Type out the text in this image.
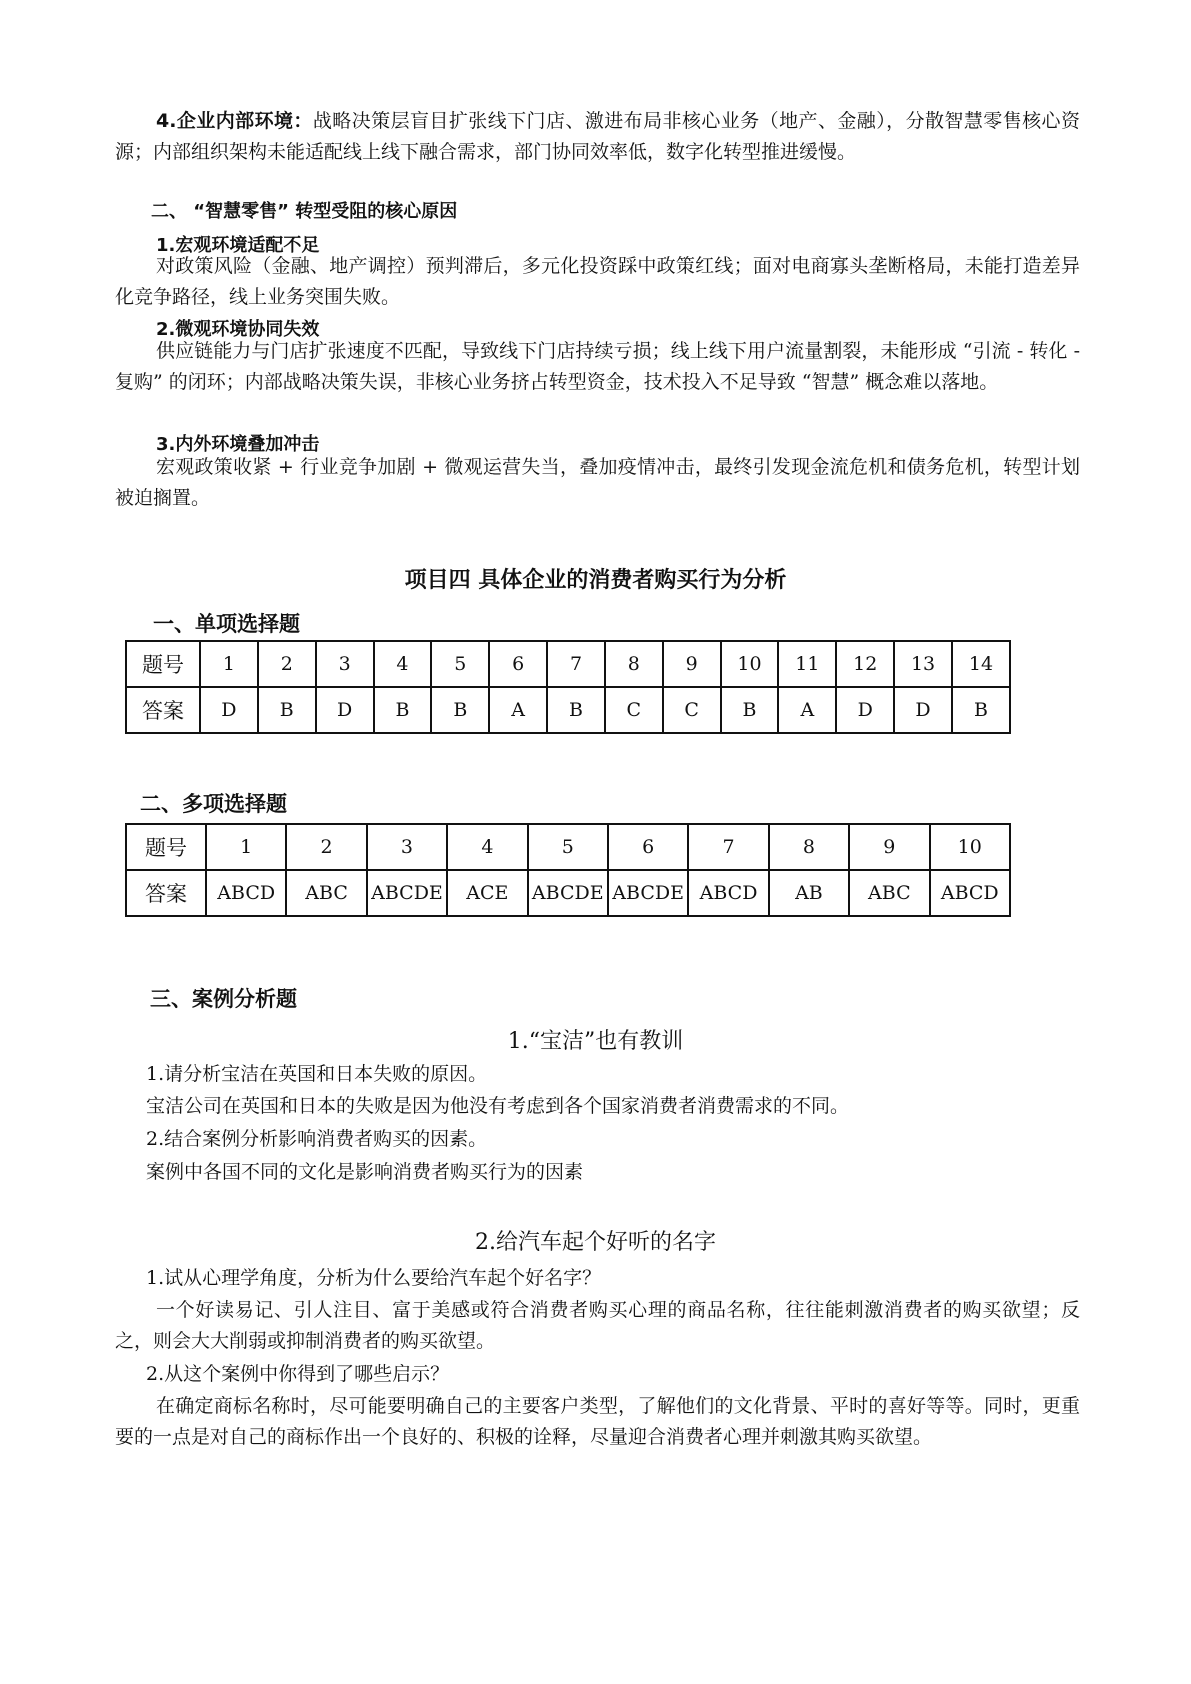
4.企业内部环境：战略决策层盲目扩张线下门店、激进布局非核心业务（地产、金融），分散智慧零售核心资源；内部组织架构未能适配线上线下融合需求，部门协同效率低，数字化转型推进缓慢。
二、 “智慧零售” 转型受阻的核心原因
1.宏观环境适配不足
对政策风险（金融、地产调控）预判滞后，多元化投资踩中政策红线；面对电商寡头垄断格局，未能打造差异化竞争路径，线上业务突围失败。
2.微观环境协同失效
供应链能力与门店扩张速度不匹配，导致线下门店持续亏损；线上线下用户流量割裂，未能形成 “引流 - 转化 - 复购” 的闭环；内部战略决策失误，非核心业务挤占转型资金，技术投入不足导致 “智慧” 概念难以落地。
3.内外环境叠加冲击
宏观政策收紧 + 行业竞争加剧 + 微观运营失当，叠加疫情冲击，最终引发现金流危机和债务危机，转型计划被迫搁置。
项目四 具体企业的消费者购买行为分析
一、单项选择题
题号	1	2	3	4	5	6	7	8	9	10	11	12	13	14
答案	D	B	D	B	B	A	B	C	C	B	A	D	D	B
二、多项选择题
题号	1	2	3	4	5	6	7	8	9	10
答案	ABCD	ABC	ABCDE	ACE	ABCDE	ABCDE	ABCD	AB	ABC	ABCD
三、案例分析题
1.“宝洁”也有教训
1.请分析宝洁在英国和日本失败的原因。
宝洁公司在英国和日本的失败是因为他没有考虑到各个国家消费者消费需求的不同。
2.结合案例分析影响消费者购买的因素。
案例中各国不同的文化是影响消费者购买行为的因素
2.给汽车起个好听的名字
1.试从心理学角度，分析为什么要给汽车起个好名字？
一个好读易记、引人注目、富于美感或符合消费者购买心理的商品名称，往往能刺激消费者的购买欲望；反之，则会大大削弱或抑制消费者的购买欲望。
2.从这个案例中你得到了哪些启示？
在确定商标名称时，尽可能要明确自己的主要客户类型，了解他们的文化背景、平时的喜好等等。同时，更重要的一点是对自己的商标作出一个良好的、积极的诠释，尽量迎合消费者心理并刺激其购买欲望。
